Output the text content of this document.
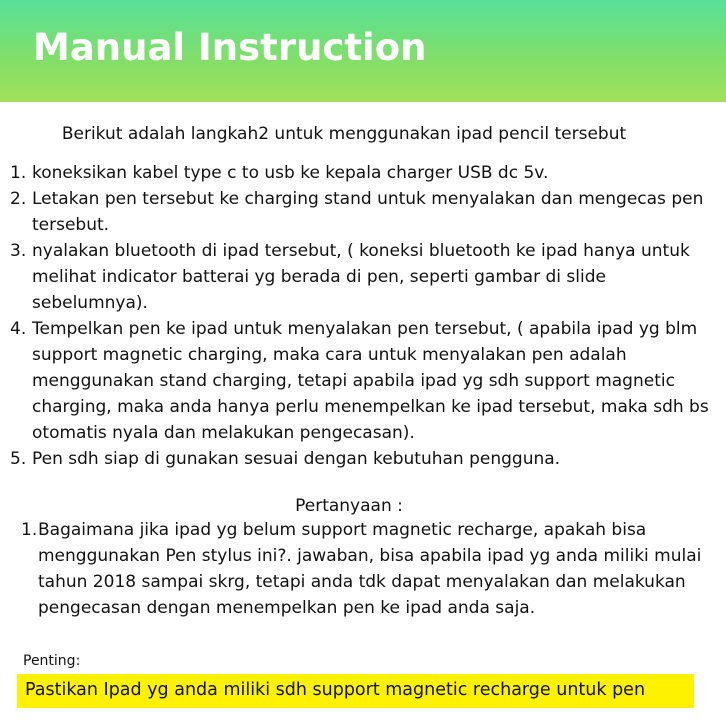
Manual Instruction
Berikut adalah langkah2 untuk menggunakan ipad pencil tersebut
1. koneksikan kabel type c to usb ke kepala charger USB dc 5v.
2. Letakan pen tersebut ke charging stand untuk menyalakan dan mengecas pen tersebut.
3. nyalakan bluetooth di ipad tersebut, ( koneksi bluetooth ke ipad hanya untuk melihat indicator batterai yg berada di pen, seperti gambar di slide sebelumnya).
4. Tempelkan pen ke ipad untuk menyalakan pen tersebut, ( apabila ipad yg blm support magnetic charging, maka cara untuk menyalakan pen adalah menggunakan stand charging, tetapi apabila ipad yg sdh support magnetic charging, maka anda hanya perlu menempelkan ke ipad tersebut, maka sdh bs otomatis nyala dan melakukan pengecasan).
5. Pen sdh siap di gunakan sesuai dengan kebutuhan pengguna.
Pertanyaan :
1. Bagaimana jika ipad yg belum support magnetic recharge, apakah bisa menggunakan Pen stylus ini?. jawaban, bisa apabila ipad yg anda miliki mulai tahun 2018 sampai skrg, tetapi anda tdk dapat menyalakan dan melakukan pengecasan dengan menempelkan pen ke ipad anda saja.
Penting:
Pastikan Ipad yg anda miliki sdh support magnetic recharge untuk pen
